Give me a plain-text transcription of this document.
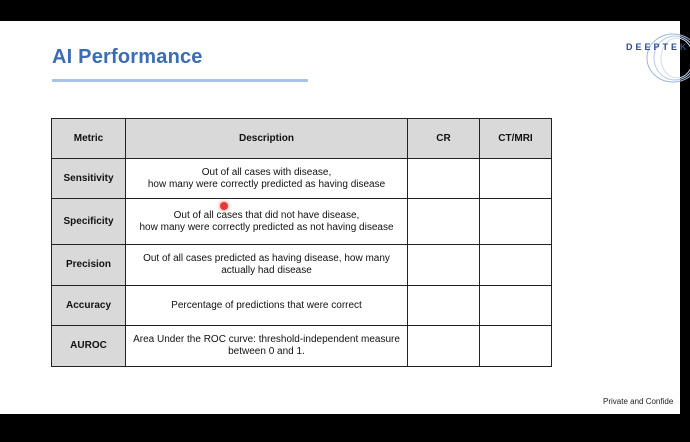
AI Performance	DEEPTEK
Metric	Description	CR	CT/MRI
Sensitivity	Out of all cases with disease,
how many were correctly predicted as having disease		

Specificity	Out of all cases that did not have disease,
how many were correctly predicted as not having disease		

Precision	Out of all cases predicted as having disease, how many
actually had disease		

Accuracy	Percentage of predictions that were correct		

AUROC	Area Under the ROC curve: threshold-independent measure
between 0 and 1.		

Private and Confide
